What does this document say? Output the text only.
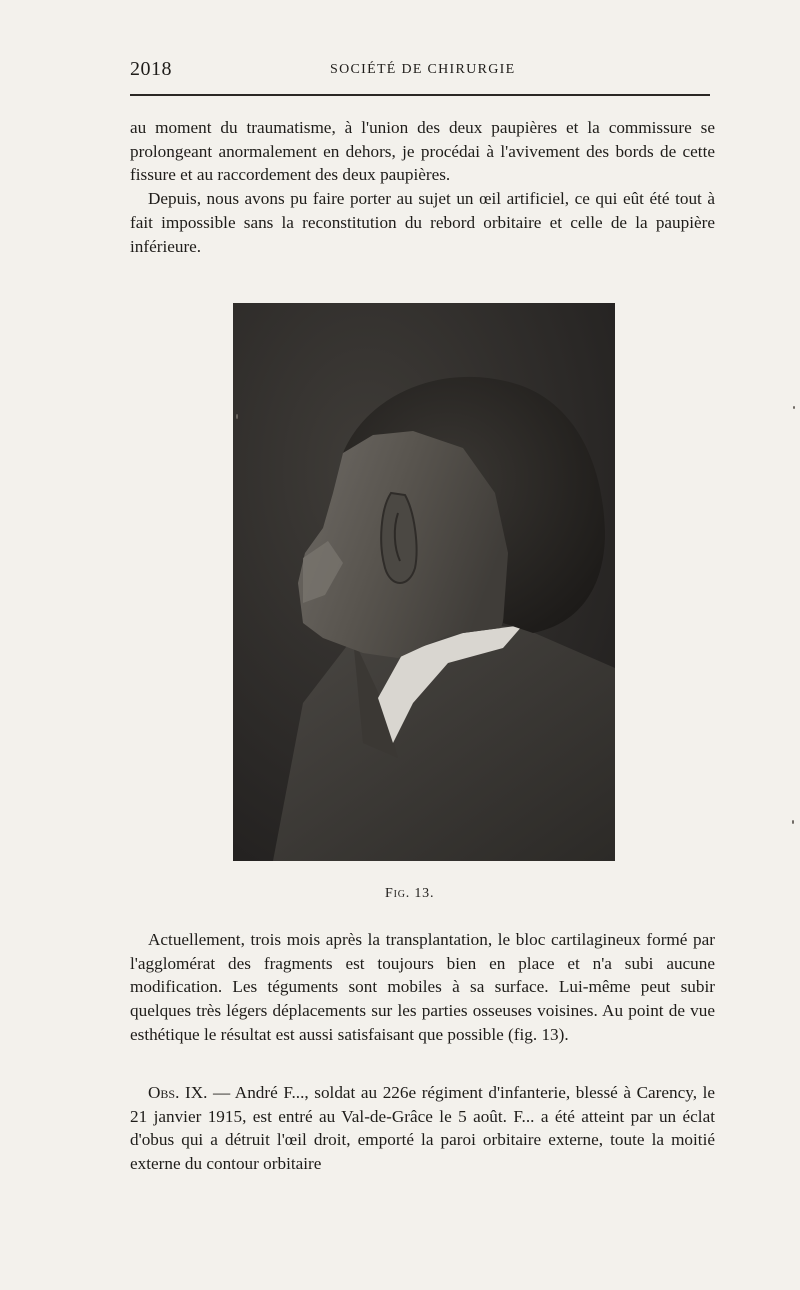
2018	SOCIÉTÉ DE CHIRURGIE

au moment du traumatisme, à l'union des deux paupières et la commissure se prolongeant anormalement en dehors, je procédai à l'avivement des bords de cette fissure et au raccordement des deux paupières.

Depuis, nous avons pu faire porter au sujet un œil artificiel, ce qui eût été tout à fait impossible sans la reconstitution du rebord orbitaire et celle de la paupière inférieure.

Fig. 13.

Actuellement, trois mois après la transplantation, le bloc cartilagineux formé par l'agglomérat des fragments est toujours bien en place et n'a subi aucune modification. Les téguments sont mobiles à sa surface. Lui-même peut subir quelques très légers déplacements sur les parties osseuses voisines. Au point de vue esthétique le résultat est aussi satisfaisant que possible (fig. 13).

Obs. IX. — André F..., soldat au 226e régiment d'infanterie, blessé à Carency, le 21 janvier 1915, est entré au Val-de-Grâce le 5 août. F... a été atteint par un éclat d'obus qui a détruit l'œil droit, emporté la paroi orbitaire externe, toute la moitié externe du contour orbitaire
